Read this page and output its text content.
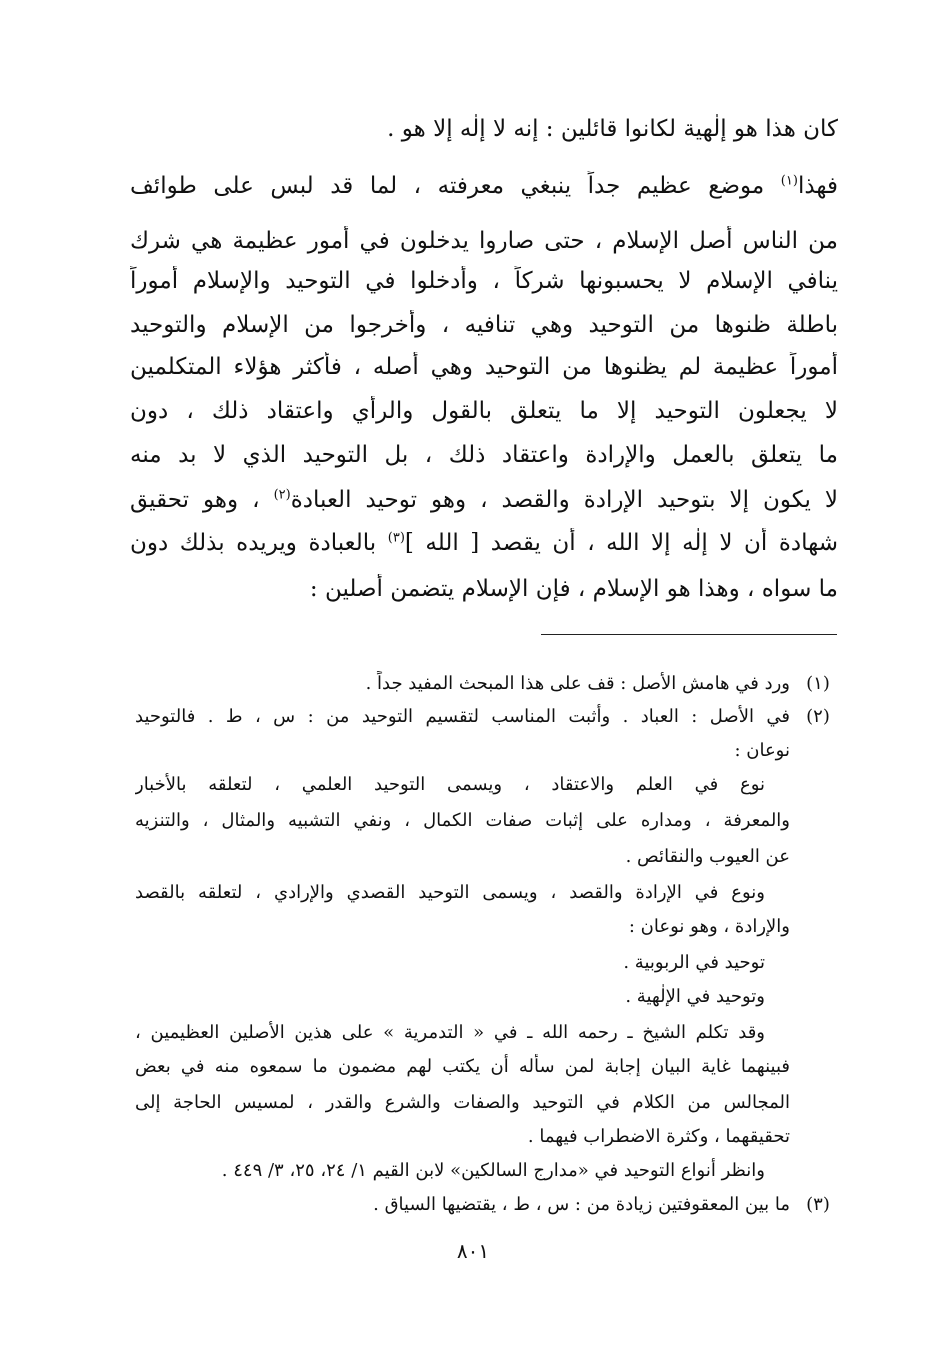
كان هذا هو إلٰهية لكانوا قائلين : إنه لا إلٰه إلا هو .
فهذا$^{(١)}$ موضع عظيم جداً ينبغي معرفته ، لما قد لبس على طوائف
من الناس أصل الإسلام ، حتى صاروا يدخلون في أمور عظيمة هي شرك
ينافي الإسلام لا يحسبونها شركاً ، وأدخلوا في التوحيد والإسلام أموراً
باطلة ظنوها من التوحيد وهي تنافيه ، وأخرجوا من الإسلام والتوحيد
أموراً عظيمة لم يظنوها من التوحيد وهي أصله ، فأكثر هؤلاء المتكلمين
لا يجعلون التوحيد إلا ما يتعلق بالقول والرأي واعتقاد ذلك ، دون
ما يتعلق بالعمل والإرادة واعتقاد ذلك ، بل التوحيد الذي لا بد منه
لا يكون إلا بتوحيد الإرادة والقصد ، وهو توحيد العبادة$^{(٢)}$ ، وهو تحقيق
شهادة أن لا إلٰه إلا الله ، أن يقصد [ الله ]$^{(٣)}$ بالعبادة ويريده بذلك دون
ما سواه ، وهذا هو الإسلام ، فإن الإسلام يتضمن أصلين :
(١)
ورد في هامش الأصل : قف على هذا المبحث المفيد جداً .
(٢)
في الأصل : العباد . وأثبت المناسب لتقسيم التوحيد من : س ، ط . فالتوحيد
نوعان :
نوع في العلم والاعتقاد ، ويسمى التوحيد العلمي ، لتعلقه بالأخبار
والمعرفة ، ومداره على إثبات صفات الكمال ، ونفي التشبيه والمثال ، والتنزيه
عن العيوب والنقائص .
ونوع في الإرادة والقصد ، ويسمى التوحيد القصدي والإرادي ، لتعلقه بالقصد
والإرادة ، وهو نوعان :
توحيد في الربوبية .
وتوحيد في الإلٰهية .
وقد تكلم الشيخ ـ رحمه الله ـ في « التدمرية » على هذين الأصلين العظيمين ،
فبينهما غاية البيان إجابة لمن سأله أن يكتب لهم مضمون ما سمعوه منه في بعض
المجالس من الكلام في التوحيد والصفات والشرع والقدر ، لمسيس الحاجة إلى
تحقيقهما ، وكثرة الاضطراب فيهما .
وانظر أنواع التوحيد في «مدارج السالكين» لابن القيم ١/ ٢٤، ٢٥، ٣/ ٤٤٩ .
(٣)
ما بين المعقوفتين زيادة من : س ، ط ، يقتضيها السياق .
٨٠١
